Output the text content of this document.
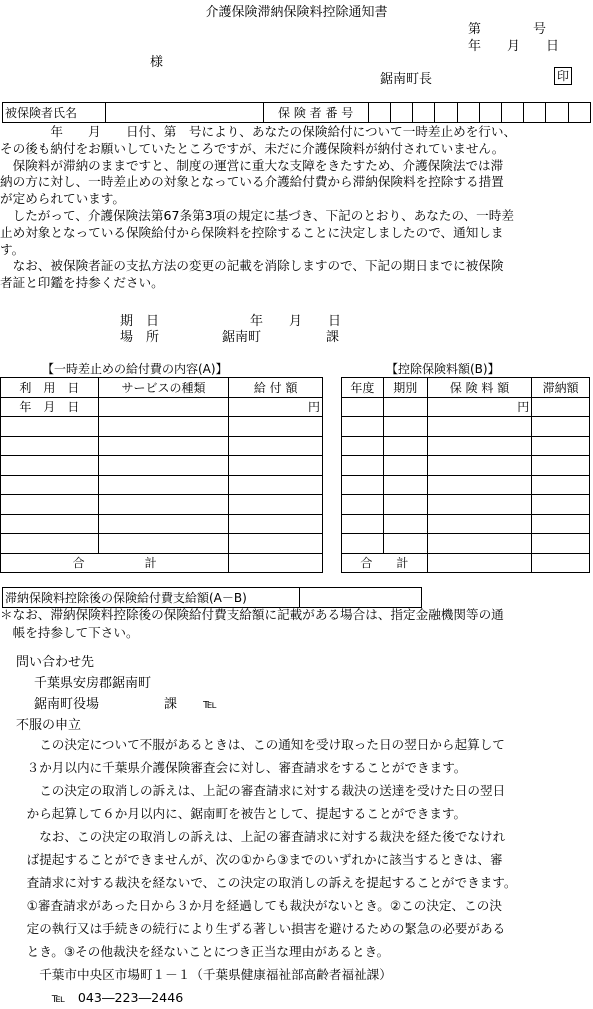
介護保険滞納保険料控除通知書
第　　　　号
年　　月　　日
様
鋸南町長	印
被保険者氏名		保 険 者 番 号										
　　　　年　　月　　日付、第　号により、あなたの保険給付について一時差止めを行い、
その後も納付をお願いしていたところですが、未だに介護保険料が納付されていません。
　保険料が滞納のままですと、制度の運営に重大な支障をきたすため、介護保険法では滞
納の方に対し、一時差止めの対象となっている介護給付費から滞納保険料を控除する措置
が定められています。
　したがって、介護保険法第67条第3項の規定に基づき、下記のとおり、あなたの、一時差
止め対象となっている保険給付から保険料を控除することに決定しましたので、通知しま
す。
　なお、被保険者証の支払方法の変更の記載を消除しますので、下記の期日までに被保険
者証と印鑑を持参ください。
期　日	年　　月　　日
場　所	鋸南町　　　　　課
【一時差止めの給付費の内容(A)】	【控除保険料額(B)】
利　用　日	サービスの種類	給 付 額
年　月　日		円

合　　　　　計		
年度	期別	保 険 料 額	滞納額
		円	

合　　計			
滞納保険料控除後の保険給付費支給額(A－B)	
＊なお、滞納保険料控除後の保険給付費支給額に記載がある場合は、指定金融機関等の通
　帳を持参して下さい。
問い合わせ先
千葉県安房郡鋸南町
鋸南町役場　　　　　課　　℡
不服の申立
　　この決定について不服があるときは、この通知を受け取った日の翌日から起算して
　３か月以内に千葉県介護保険審査会に対し、審査請求をすることができます。
　　この決定の取消しの訴えは、上記の審査請求に対する裁決の送達を受けた日の翌日
　から起算して６か月以内に、鋸南町を被告として、提起することができます。
　　なお、この決定の取消しの訴えは、上記の審査請求に対する裁決を経た後でなけれ
　ば提起することができませんが、次の①から③までのいずれかに該当するときは、審
　査請求に対する裁決を経ないで、この決定の取消しの訴えを提起することができます。
　①審査請求があった日から３か月を経過しても裁決がないとき。②この決定、この決
　定の執行又は手続きの続行により生ずる著しい損害を避けるための緊急の必要がある
　とき。③その他裁決を経ないことにつき正当な理由があるとき。
　　千葉市中央区市場町１－１（千葉県健康福祉部高齢者福祉課）
　　　℡　043―223―2446
